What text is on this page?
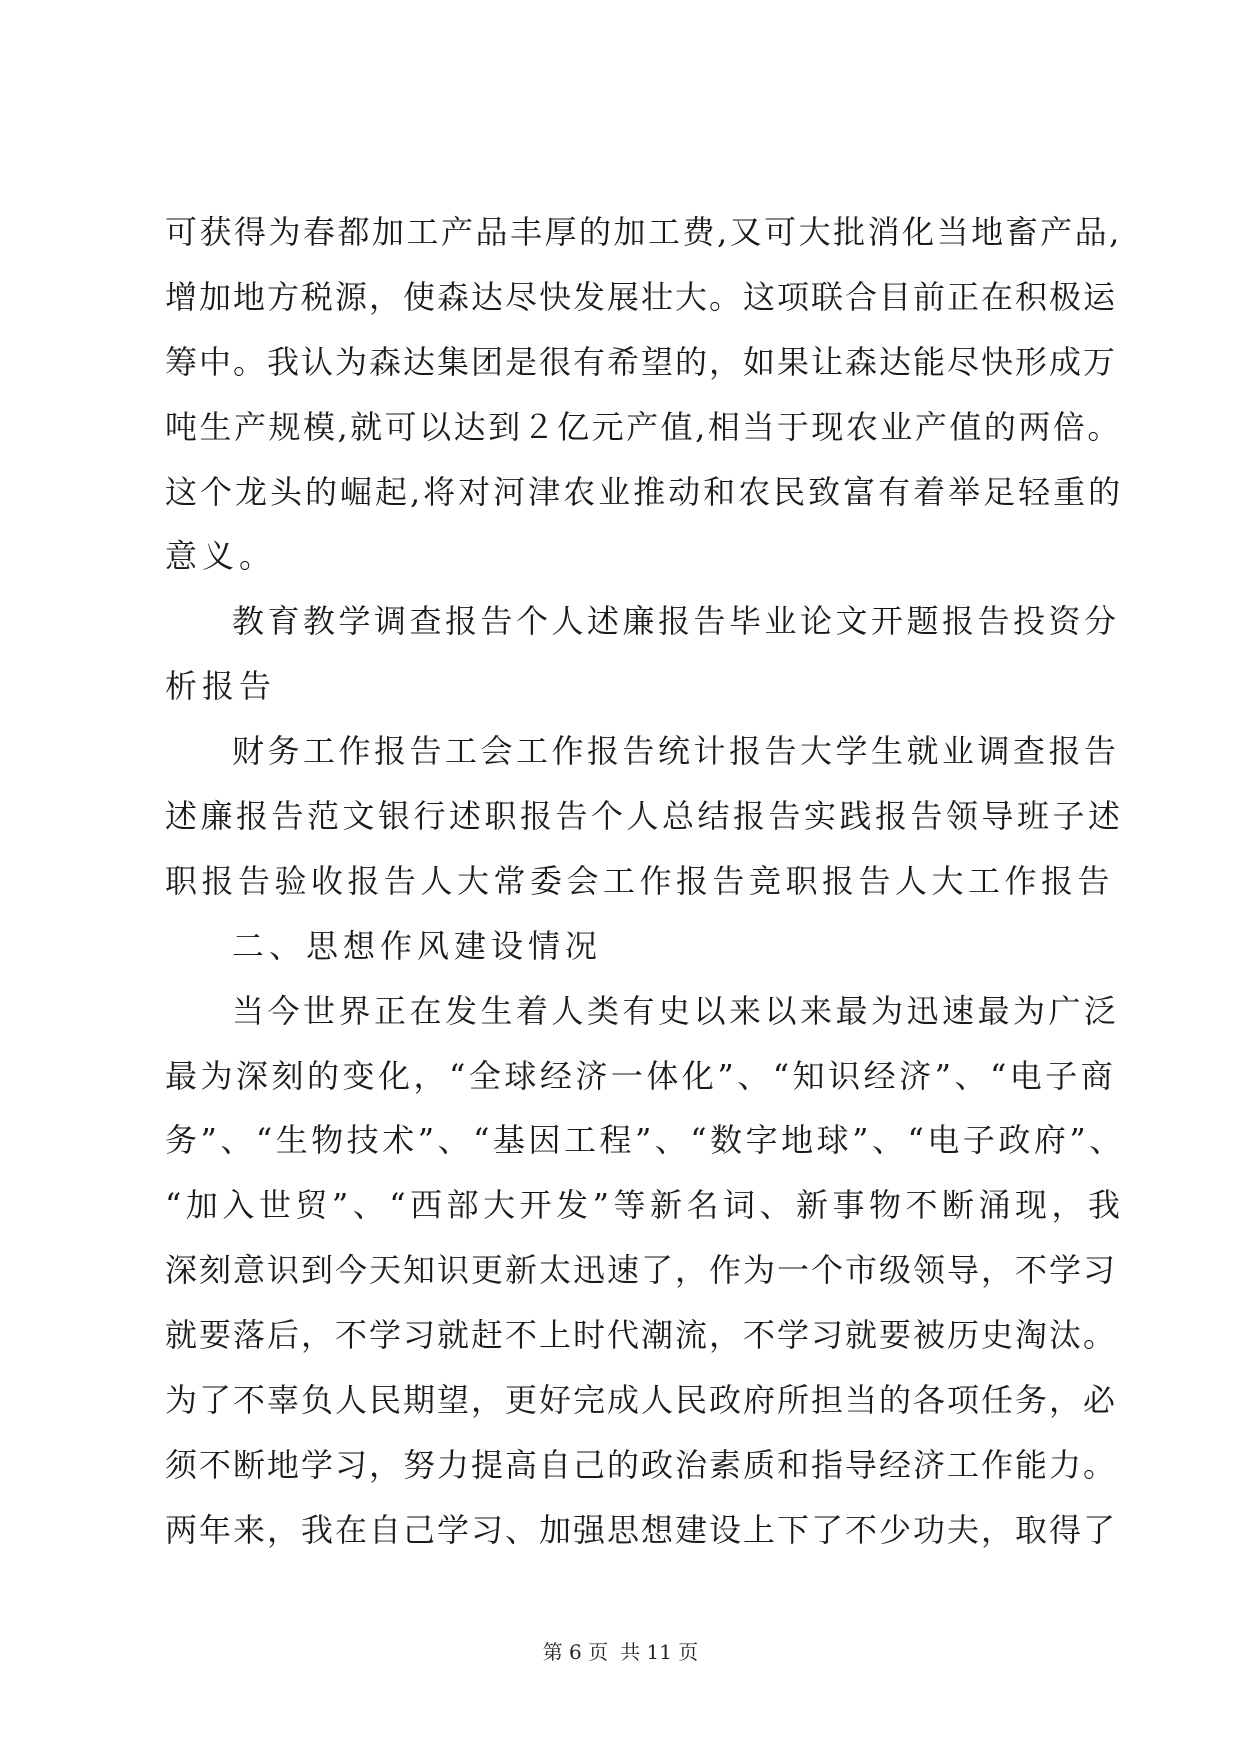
可获得为春都加工产品丰厚的加工费,又可大批消化当地畜产品,
增加地方税源，使森达尽快发展壮大。这项联合目前正在积极运
筹中。我认为森达集团是很有希望的，如果让森达能尽快形成万
吨生产规模,就可以达到２亿元产值,相当于现农业产值的两倍。
这个龙头的崛起,将对河津农业推动和农民致富有着举足轻重的
意义。
教育教学调查报告个人述廉报告毕业论文开题报告投资分
析报告
财务工作报告工会工作报告统计报告大学生就业调查报告
述廉报告范文银行述职报告个人总结报告实践报告领导班子述
职报告验收报告人大常委会工作报告竞职报告人大工作报告
二、思想作风建设情况
当今世界正在发生着人类有史以来以来最为迅速最为广泛
最为深刻的变化，“全球经济一体化”、“知识经济”、“电子商
务”、“生物技术”、“基因工程”、“数字地球”、“电子政府”、
“加入世贸”、“西部大开发”等新名词、新事物不断涌现，我
深刻意识到今天知识更新太迅速了，作为一个市级领导，不学习
就要落后，不学习就赶不上时代潮流，不学习就要被历史淘汰。
为了不辜负人民期望，更好完成人民政府所担当的各项任务，必
须不断地学习，努力提高自己的政治素质和指导经济工作能力。
两年来，我在自己学习、加强思想建设上下了不少功夫，取得了
第 6 页 共 11 页
